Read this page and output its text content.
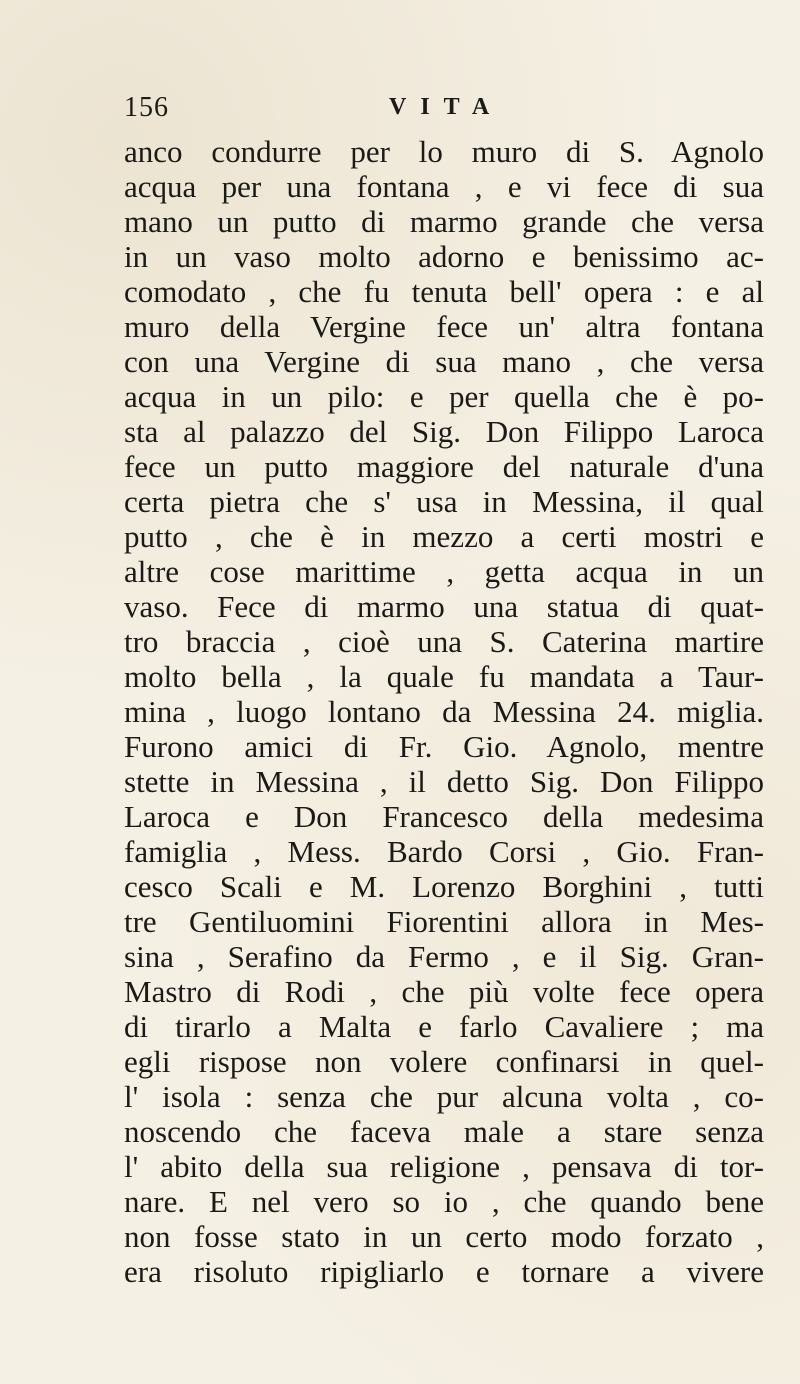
156	VITA
anco condurre per lo muro di S. Agnolo
acqua per una fontana , e vi fece di sua
mano un putto di marmo grande che versa
in un vaso molto adorno e benissimo ac-
comodato , che fu tenuta bell' opera : e al
muro della Vergine fece un' altra fontana
con una Vergine di sua mano , che versa
acqua in un pilo: e per quella che è po-
sta al palazzo del Sig. Don Filippo Laroca
fece un putto maggiore del naturale d'una
certa pietra che s' usa in Messina, il qual
putto , che è in mezzo a certi mostri e
altre cose marittime , getta acqua in un
vaso. Fece di marmo una statua di quat-
tro braccia , cioè una S. Caterina martire
molto bella , la quale fu mandata a Taur-
mina , luogo lontano da Messina 24. miglia.
Furono amici di Fr. Gio. Agnolo, mentre
stette in Messina , il detto Sig. Don Filippo
Laroca e Don Francesco della medesima
famiglia , Mess. Bardo Corsi , Gio. Fran-
cesco Scali e M. Lorenzo Borghini , tutti
tre Gentiluomini Fiorentini allora in Mes-
sina , Serafino da Fermo , e il Sig. Gran-
Mastro di Rodi , che più volte fece opera
di tirarlo a Malta e farlo Cavaliere ; ma
egli rispose non volere confinarsi in quel-
l' isola : senza che pur alcuna volta , co-
noscendo che faceva male a stare senza
l' abito della sua religione , pensava di tor-
nare. E nel vero so io , che quando bene
non fosse stato in un certo modo forzato ,
era risoluto ripigliarlo e tornare a vivere
